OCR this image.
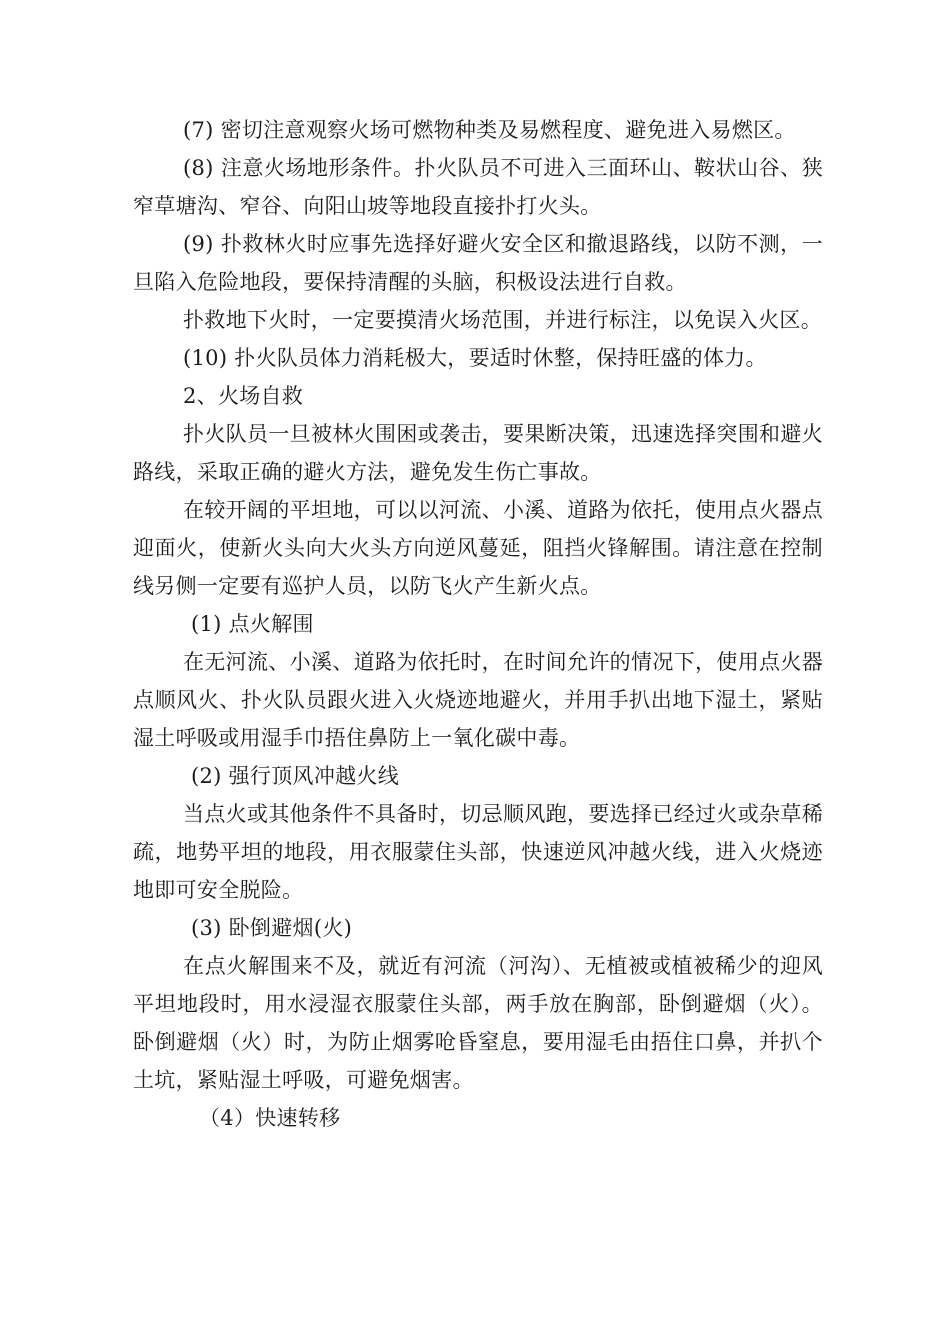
(7) 密切注意观察火场可燃物种类及易燃程度、避免进入易燃区。

(8) 注意火场地形条件。扑火队员不可进入三面环山、鞍状山谷、狭窄草塘沟、窄谷、向阳山坡等地段直接扑打火头。

(9) 扑救林火时应事先选择好避火安全区和撤退路线，以防不测，一旦陷入危险地段，要保持清醒的头脑，积极设法进行自救。

扑救地下火时，一定要摸清火场范围，并进行标注，以免误入火区。

(10) 扑火队员体力消耗极大，要适时休整，保持旺盛的体力。

2、火场自救

扑火队员一旦被林火围困或袭击，要果断决策，迅速选择突围和避火路线，采取正确的避火方法，避免发生伤亡事故。

在较开阔的平坦地，可以以河流、小溪、道路为依托，使用点火器点迎面火，使新火头向大火头方向逆风蔓延，阻挡火锋解围。请注意在控制线另侧一定要有巡护人员，以防飞火产生新火点。

(1) 点火解围

在无河流、小溪、道路为依托时，在时间允许的情况下，使用点火器点顺风火、扑火队员跟火进入火烧迹地避火，并用手扒出地下湿土，紧贴湿土呼吸或用湿手巾捂住鼻防上一氧化碳中毒。

(2) 强行顶风冲越火线

当点火或其他条件不具备时，切忌顺风跑，要选择已经过火或杂草稀疏，地势平坦的地段，用衣服蒙住头部，快速逆风冲越火线，进入火烧迹地即可安全脱险。

(3) 卧倒避烟(火)

在点火解围来不及，就近有河流（河沟）、无植被或植被稀少的迎风平坦地段时，用水浸湿衣服蒙住头部，两手放在胸部，卧倒避烟（火）。卧倒避烟（火）时，为防止烟雾呛昏窒息，要用湿毛由捂住口鼻，并扒个土坑，紧贴湿土呼吸，可避免烟害。

（4）快速转移
